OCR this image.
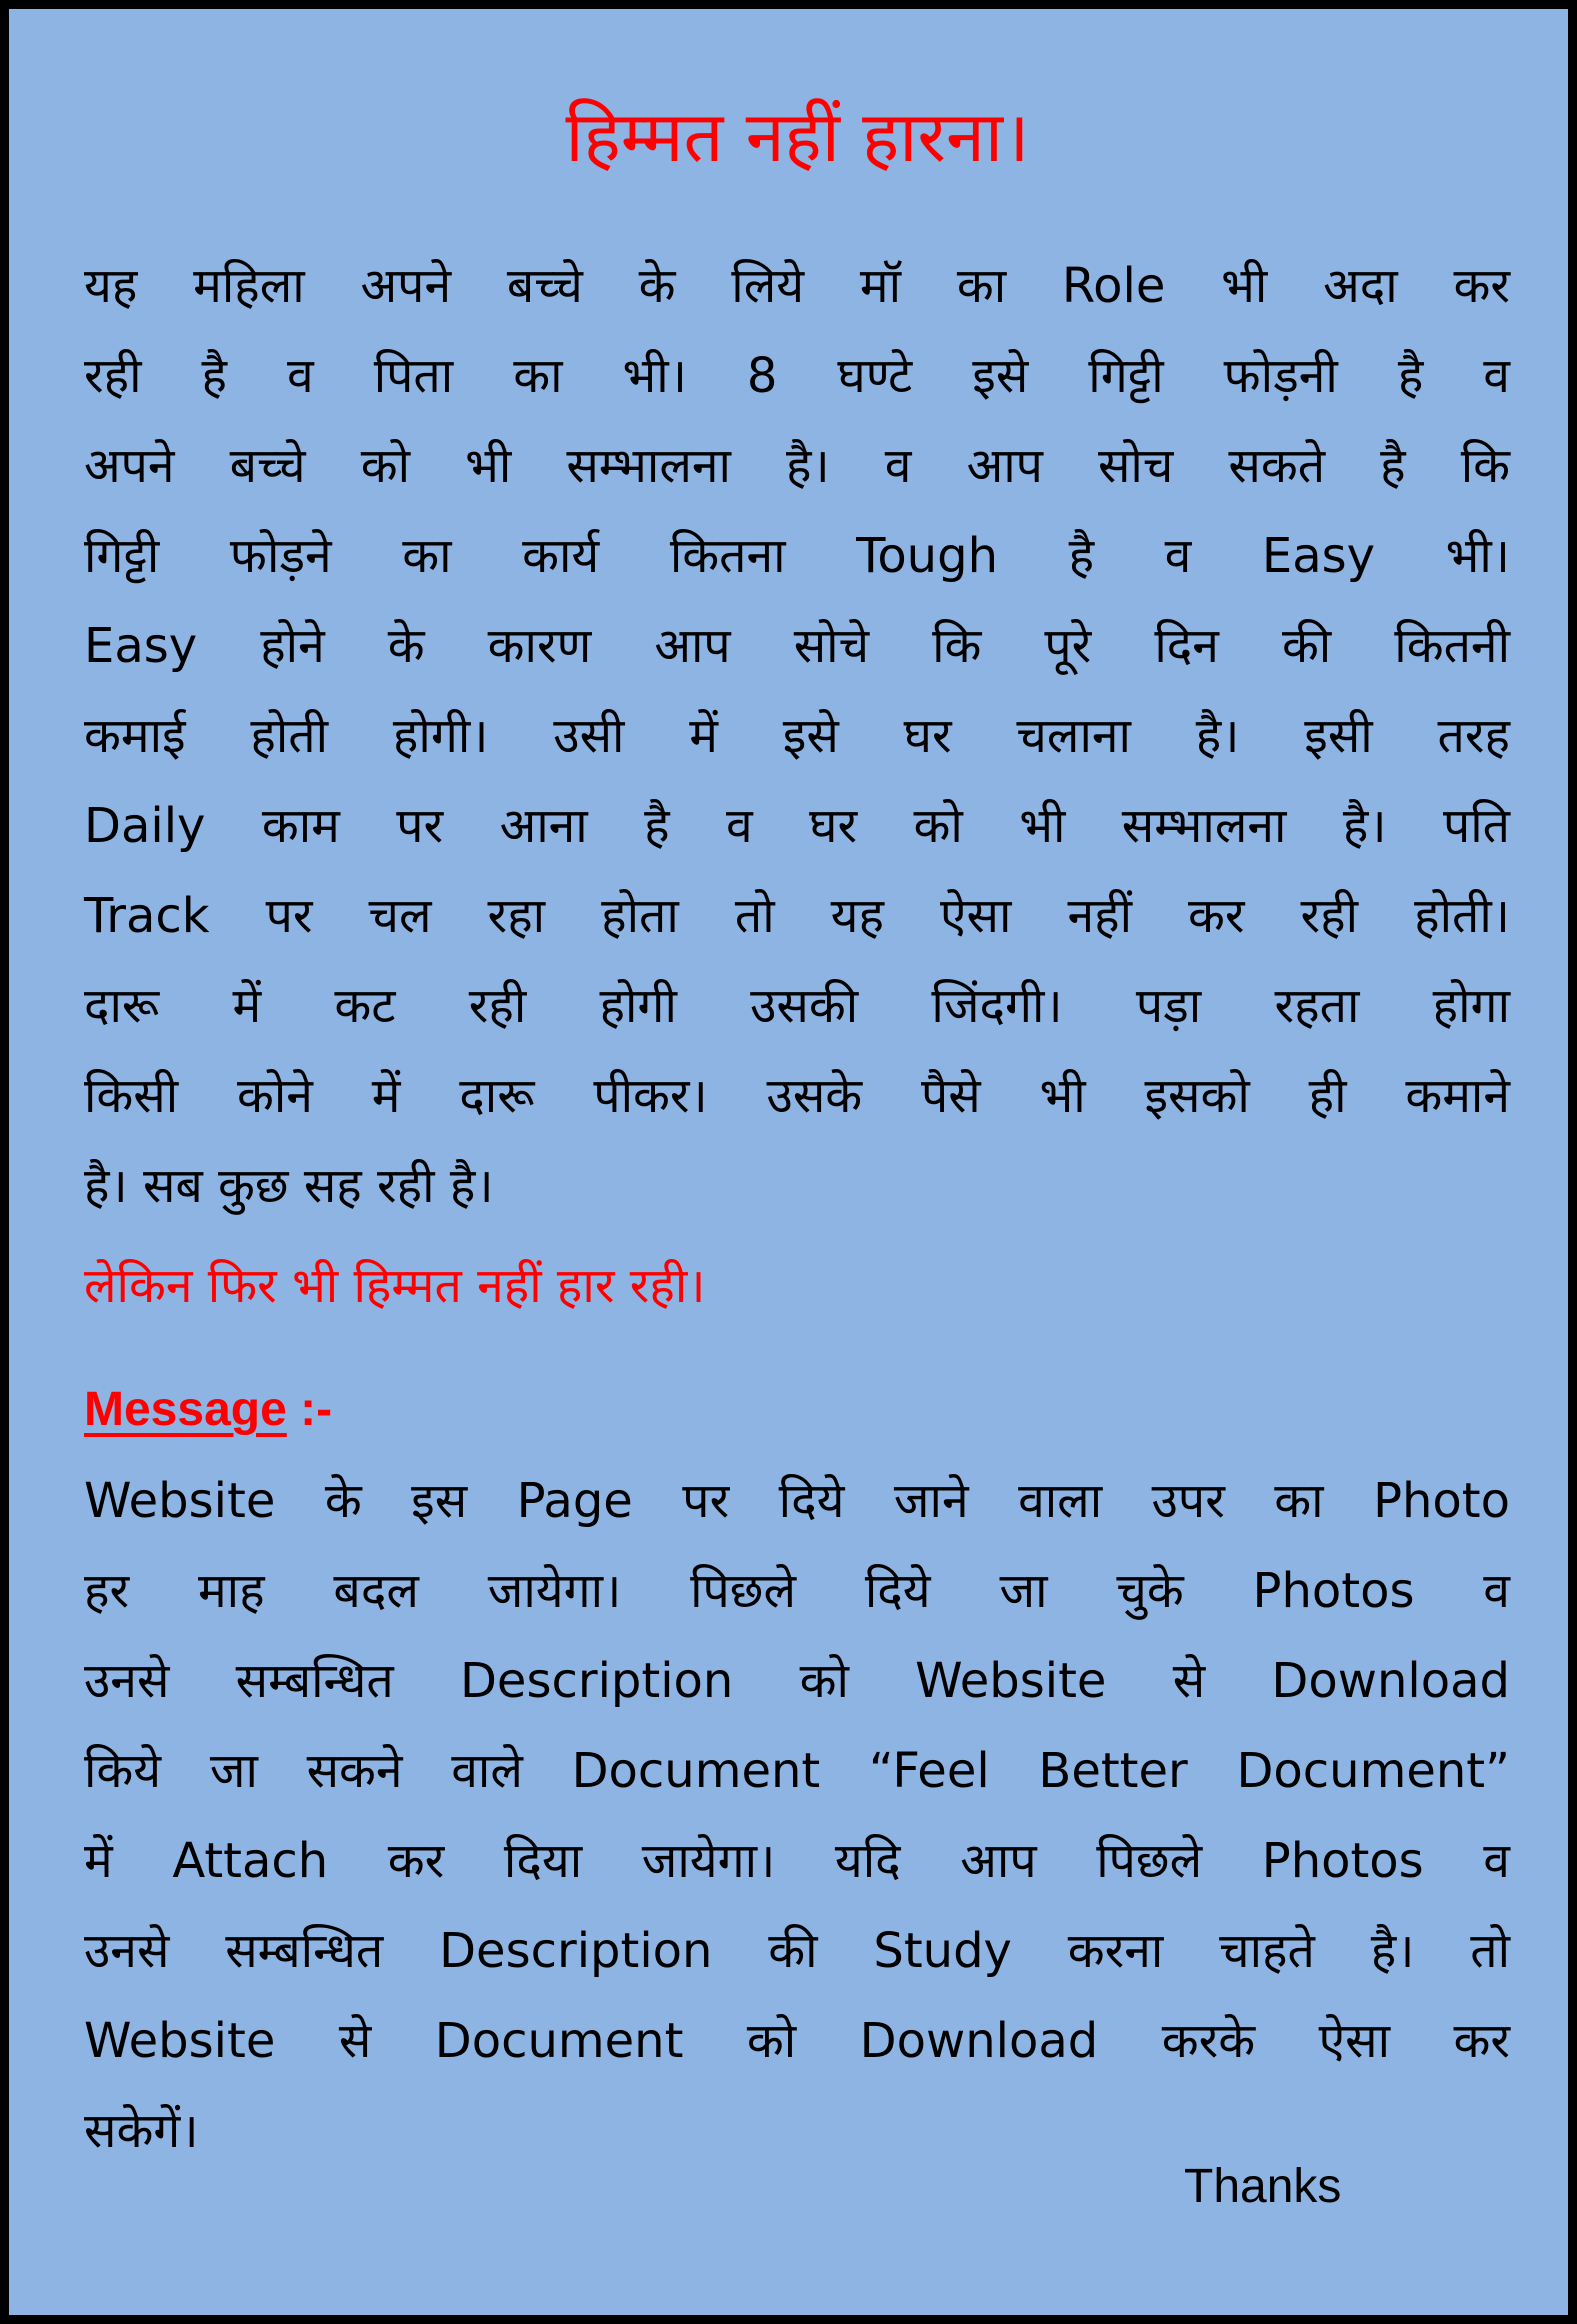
हिम्मत नहीं हारना।
यह महिला अपने बच्चे के लिये मॉ का Role भी अदा कर
रही है व पिता का भी। 8 घण्टे इसे गिट्टी फोड़नी है व
अपने बच्चे को भी सम्भालना है। व आप सोच सकते है कि
गिट्टी फोड़ने का कार्य कितना Tough है व Easy भी।
Easy होने के कारण आप सोचे कि पूरे दिन की कितनी
कमाई होती होगी। उसी में इसे घर चलाना है। इसी तरह
Daily काम पर आना है व घर को भी सम्भालना है। पति
Track पर चल रहा होता तो यह ऐसा नहीं कर रही होती।
दारू में कट रही होगी उसकी जिंदगी। पड़ा रहता होगा
किसी कोने में दारू पीकर। उसके पैसे भी इसको ही कमाने
है। सब कुछ सह रही है।
लेकिन फिर भी हिम्मत नहीं हार रही।
Message :-
Website के इस Page पर दिये जाने वाला उपर का Photo
हर माह बदल जायेगा। पिछले दिये जा चुके Photos व
उनसे सम्बन्धित Description को Website से Download
किये जा सकने वाले Document “Feel Better Document”
में Attach कर दिया जायेगा। यदि आप पिछले Photos व
उनसे सम्बन्धित Description की Study करना चाहते है। तो
Website से Document को Download करके ऐसा कर
सकेगें।
Thanks
